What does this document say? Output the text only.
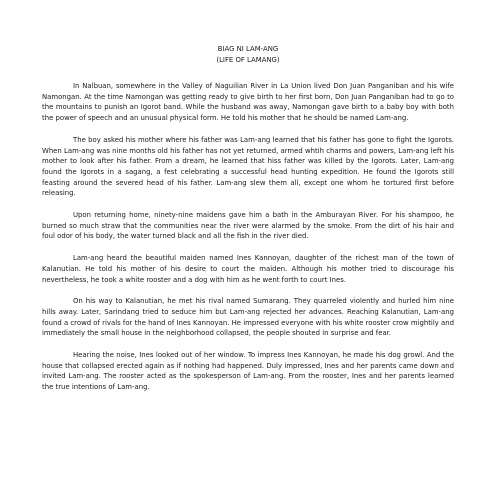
BIAG NI LAM-ANG

(LIFE OF LAMANG)

In Nalbuan, somewhere in the Valley of Naguilian River in La Union lived Don Juan Panganiban and his wife Namongan. At the time Namongan was getting ready to give birth to her first born, Don Juan Panganiban had to go to the mountains to punish an Igorot band. While the husband was away, Namongan gave birth to a baby boy with both the power of speech and an unusual physical form. He told his mother that he should be named Lam-ang.

The boy asked his mother where his father was Lam-ang learned that his father has gone to fight the Igorots. When Lam-ang was nine months old his father has not yet returned, armed whtih charms and powers, Lam-ang left his mother to look after his father. From a dream, he learned that hiss father was killed by the Igorots. Later, Lam-ang found the Igorots in a sagang, a fest celebrating a successful head hunting expedition. He found the Igorots still feasting around the severed head of his father. Lam-ang slew them all, except one whom he tortured first before releasing.

Upon returning home, ninety-nine maidens gave him a bath in the Amburayan River. For his shampoo, he burned so much straw that the communities near the river were alarmed by the smoke. From the dirt of his hair and foul odor of his body, the water turned black and all the fish in the river died.

Lam-ang heard the beautiful maiden named Ines Kannoyan, daughter of the richest man of the town of Kalanutian. He told his mother of his desire to court the maiden. Although his mother tried to discourage his nevertheless, he took a white rooster and a dog with him as he went forth to court Ines.

On his way to Kalanutian, he met his rival named Sumarang. They quarreled violently and hurled him nine hills away. Later, Sarindang tried to seduce him but Lam-ang rejected her advances. Reaching Kalanutian, Lam-ang found a crowd of rivals for the hand of Ines Kannoyan. He impressed everyone with his white rooster crow mightily and immediately the small house in the neighborhood collapsed, the people shouted in surprise and fear.

Hearing the noise, Ines looked out of her window. To impress Ines Kannoyan, he made his dog growl. And the house that collapsed erected again as if nothing had happened. Duly impressed, Ines and her parents came down and invited Lam-ang. The rooster acted as the spokesperson of Lam-ang. From the rooster, Ines and her parents learned the true intentions of Lam-ang.
